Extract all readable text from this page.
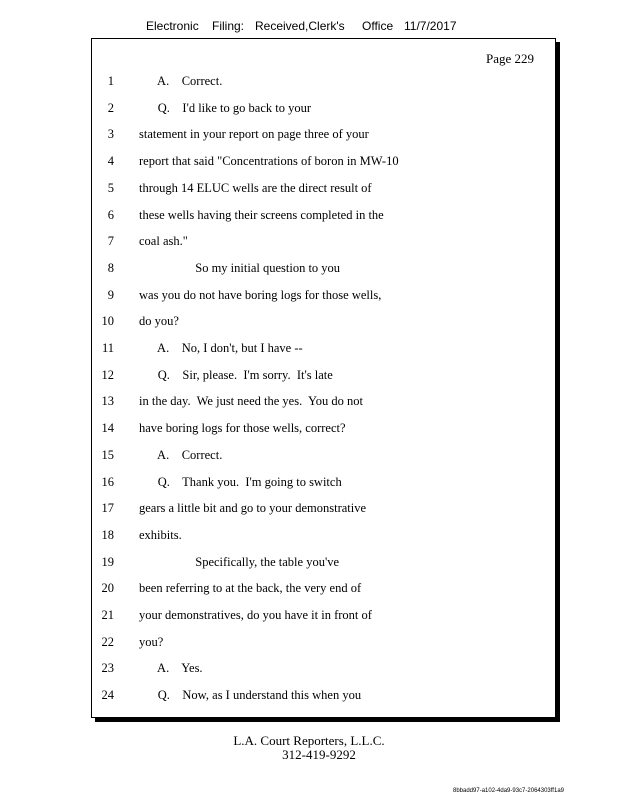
Electronic Filing: Received,Clerk's Office 11/7/2017
Page 229
1 A.    Correct.
2 Q.    I'd like to go back to your
3 statement in your report on page three of your
4 report that said "Concentrations of boron in MW-10
5 through 14 ELUC wells are the direct result of
6 these wells having their screens completed in the
7 coal ash."
8 So my initial question to you
9 was you do not have boring logs for those wells,
10 do you?
11 A.    No, I don't, but I have --
12 Q.    Sir, please.  I'm sorry.  It's late
13 in the day.  We just need the yes.  You do not
14 have boring logs for those wells, correct?
15 A.    Correct.
16 Q.    Thank you.  I'm going to switch
17 gears a little bit and go to your demonstrative
18 exhibits.
19 Specifically, the table you've
20 been referring to at the back, the very end of
21 your demonstratives, do you have it in front of
22 you?
23 A.    Yes.
24 Q.    Now, as I understand this when you
L.A. Court Reporters, L.L.C.
312-419-9292
8bbadd97-a102-4da9-93c7-2064303ff1a9
